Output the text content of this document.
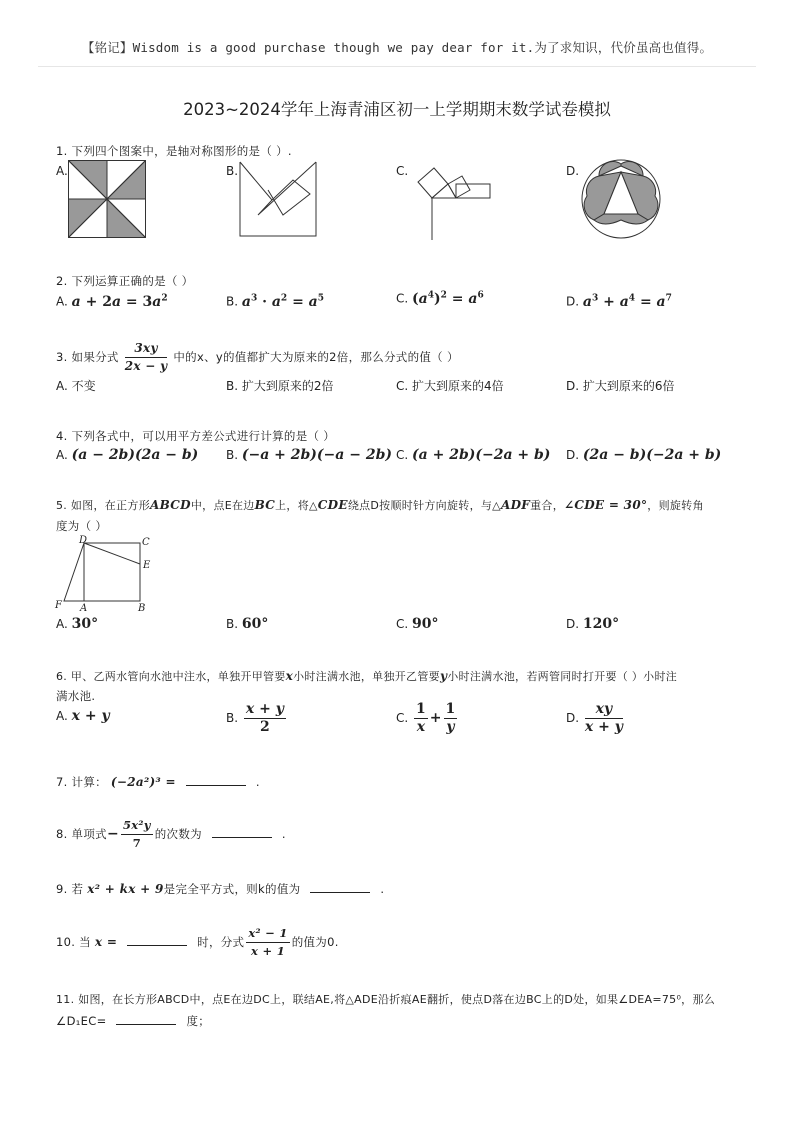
【铭记】Wisdom is a good purchase though we pay dear for it.为了求知识，代价虽高也值得。
2023~2024学年上海青浦区初一上学期期末数学试卷模拟
1. 下列四个图案中，是轴对称图形的是（ ）.
A.	B.	C.	D.
2. 下列运算正确的是（ ）
A. $a + 2a = 3a^2$	B. $a^3 \cdot a^2 = a^5$	C. $(a^4)^2 = a^6$	D. $a^3 + a^4 = a^7$
3. 如果分式 $\frac{3xy}{2x - y}$ 中的x、y的值都扩大为原来的2倍，那么分式的值（ ）
A. 不变	B. 扩大到原来的2倍	C. 扩大到原来的4倍	D. 扩大到原来的6倍
4. 下列各式中，可以用平方差公式进行计算的是（ ）
A. (a − 2b)(2a − b) B. (−a + 2b)(−a − 2b) C. (a + 2b)(−2a + b) D. (2a − b)(−2a + b)
5. 如图，在正方形ABCD中，点E在边BC上，将△CDE绕点D按顺时针方向旋转，与△ADF重合，∠CDE = 30°，则旋转角
度为（ ）
D	C
E
F A	B
A. 30°	B. 60°	C. 90°	D. 120°
6. 甲、乙两水管向水池中注水，单独开甲管要x小时注满水池，单独开乙管要y小时注满水池，若两管同时打开要（ ）小时注
满水池.
A. x + y	B. $\frac{x + y}{2}$	C. $\frac{1}{x} + \frac{1}{y}$	D. $\frac{xy}{x + y}$
7. 计算： (−2a²)³ =	.
8. 单项式− $\frac{\text{5x²y}}{7}$ 的次数为	.
9. 若 x² + kx + 9是完全平方式，则k的值为	.
10. 当 x =	时，分式 $\frac{\text{x² − 1}}{x + 1}$ 的值为0.
11. 如图，在长方形ABCD中，点E在边DC上，联结AE,将△ADE沿折痕AE翻折，使点D落在边BC上的D处，如果∠DEA=75⁰，那么
∠D₁EC=	度；
